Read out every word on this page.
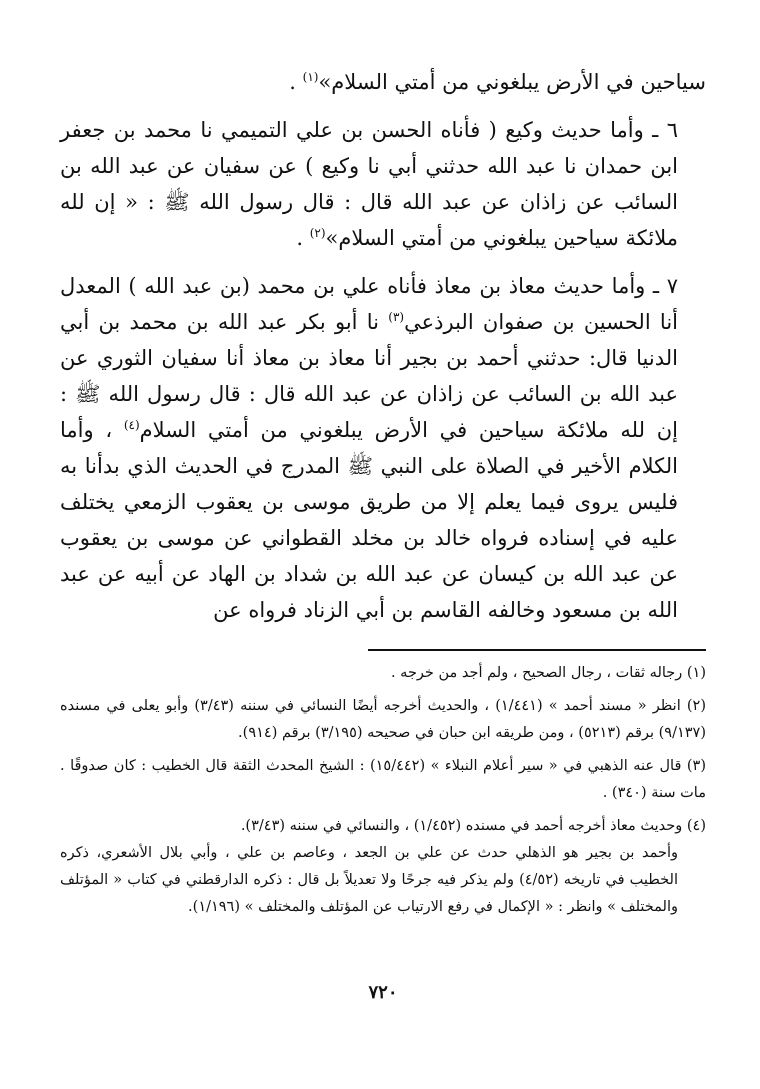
سياحين في الأرض يبلغوني من أمتي السلام»$^{(١)}$ .

٦ ـ وأما حديث وكيع ( فأناه الحسن بن علي التميمي نا محمد بن جعفر ابن حمدان نا عبد الله حدثني أبي نا وكيع ) عن سفيان عن عبد الله بن السائب عن زاذان عن عبد الله قال : قال رسول الله ﷺ : « إن لله ملائكة سياحين يبلغوني من أمتي السلام»$^{(٢)}$ .

٧ ـ وأما حديث معاذ بن معاذ فأناه علي بن محمد (بن عبد الله ) المعدل أنا الحسين بن صفوان البرذعي$^{(٣)}$ نا أبو بكر عبد الله بن محمد بن أبي الدنيا قال: حدثني أحمد بن بجير أنا معاذ بن معاذ أنا سفيان الثوري عن عبد الله بن السائب عن زاذان عن عبد الله قال : قال رسول الله ﷺ : إن لله ملائكة سياحين في الأرض يبلغوني من أمتي السلام$^{(٤)}$ ، وأما الكلام الأخير في الصلاة على النبي ﷺ المدرج في الحديث الذي بدأنا به فليس يروى فيما يعلم إلا من طريق موسى بن يعقوب الزمعي يختلف عليه في إسناده فرواه خالد بن مخلد القطواني عن موسى بن يعقوب عن عبد الله بن كيسان عن عبد الله بن شداد بن الهاد عن أبيه عن عبد الله بن مسعود وخالفه القاسم بن أبي الزناد فرواه عن

(١) رجاله ثقات ، رجال الصحيح ، ولم أجد من خرجه .

(٢) انظر « مسند أحمد » (١/٤٤١) ، والحديث أخرجه أيضًا النسائي في سننه (٣/٤٣) وأبو يعلى في مسنده (٩/١٣٧) برقم (٥٢١٣) ، ومن طريقه ابن حبان في صحيحه (٣/١٩٥) برقم (٩١٤).

(٣) قال عنه الذهبي في « سير أعلام النبلاء » (١٥/٤٤٢) : الشيخ المحدث الثقة قال الخطيب : كان صدوقًا . مات سنة (٣٤٠) .

(٤) وحديث معاذ أخرجه أحمد في مسنده (١/٤٥٢) ، والنسائي في سننه (٣/٤٣).

وأحمد بن بجير هو الذهلي حدث عن علي بن الجعد ، وعاصم بن علي ، وأبي بلال الأشعري، ذكره الخطيب في تاريخه (٤/٥٢) ولم يذكر فيه جرحًا ولا تعديلاً بل قال : ذكره الدارقطني في كتاب « المؤتلف والمختلف » وانظر : « الإكمال في رفع الارتياب عن المؤتلف والمختلف » (١/١٩٦).

٧٢٠
